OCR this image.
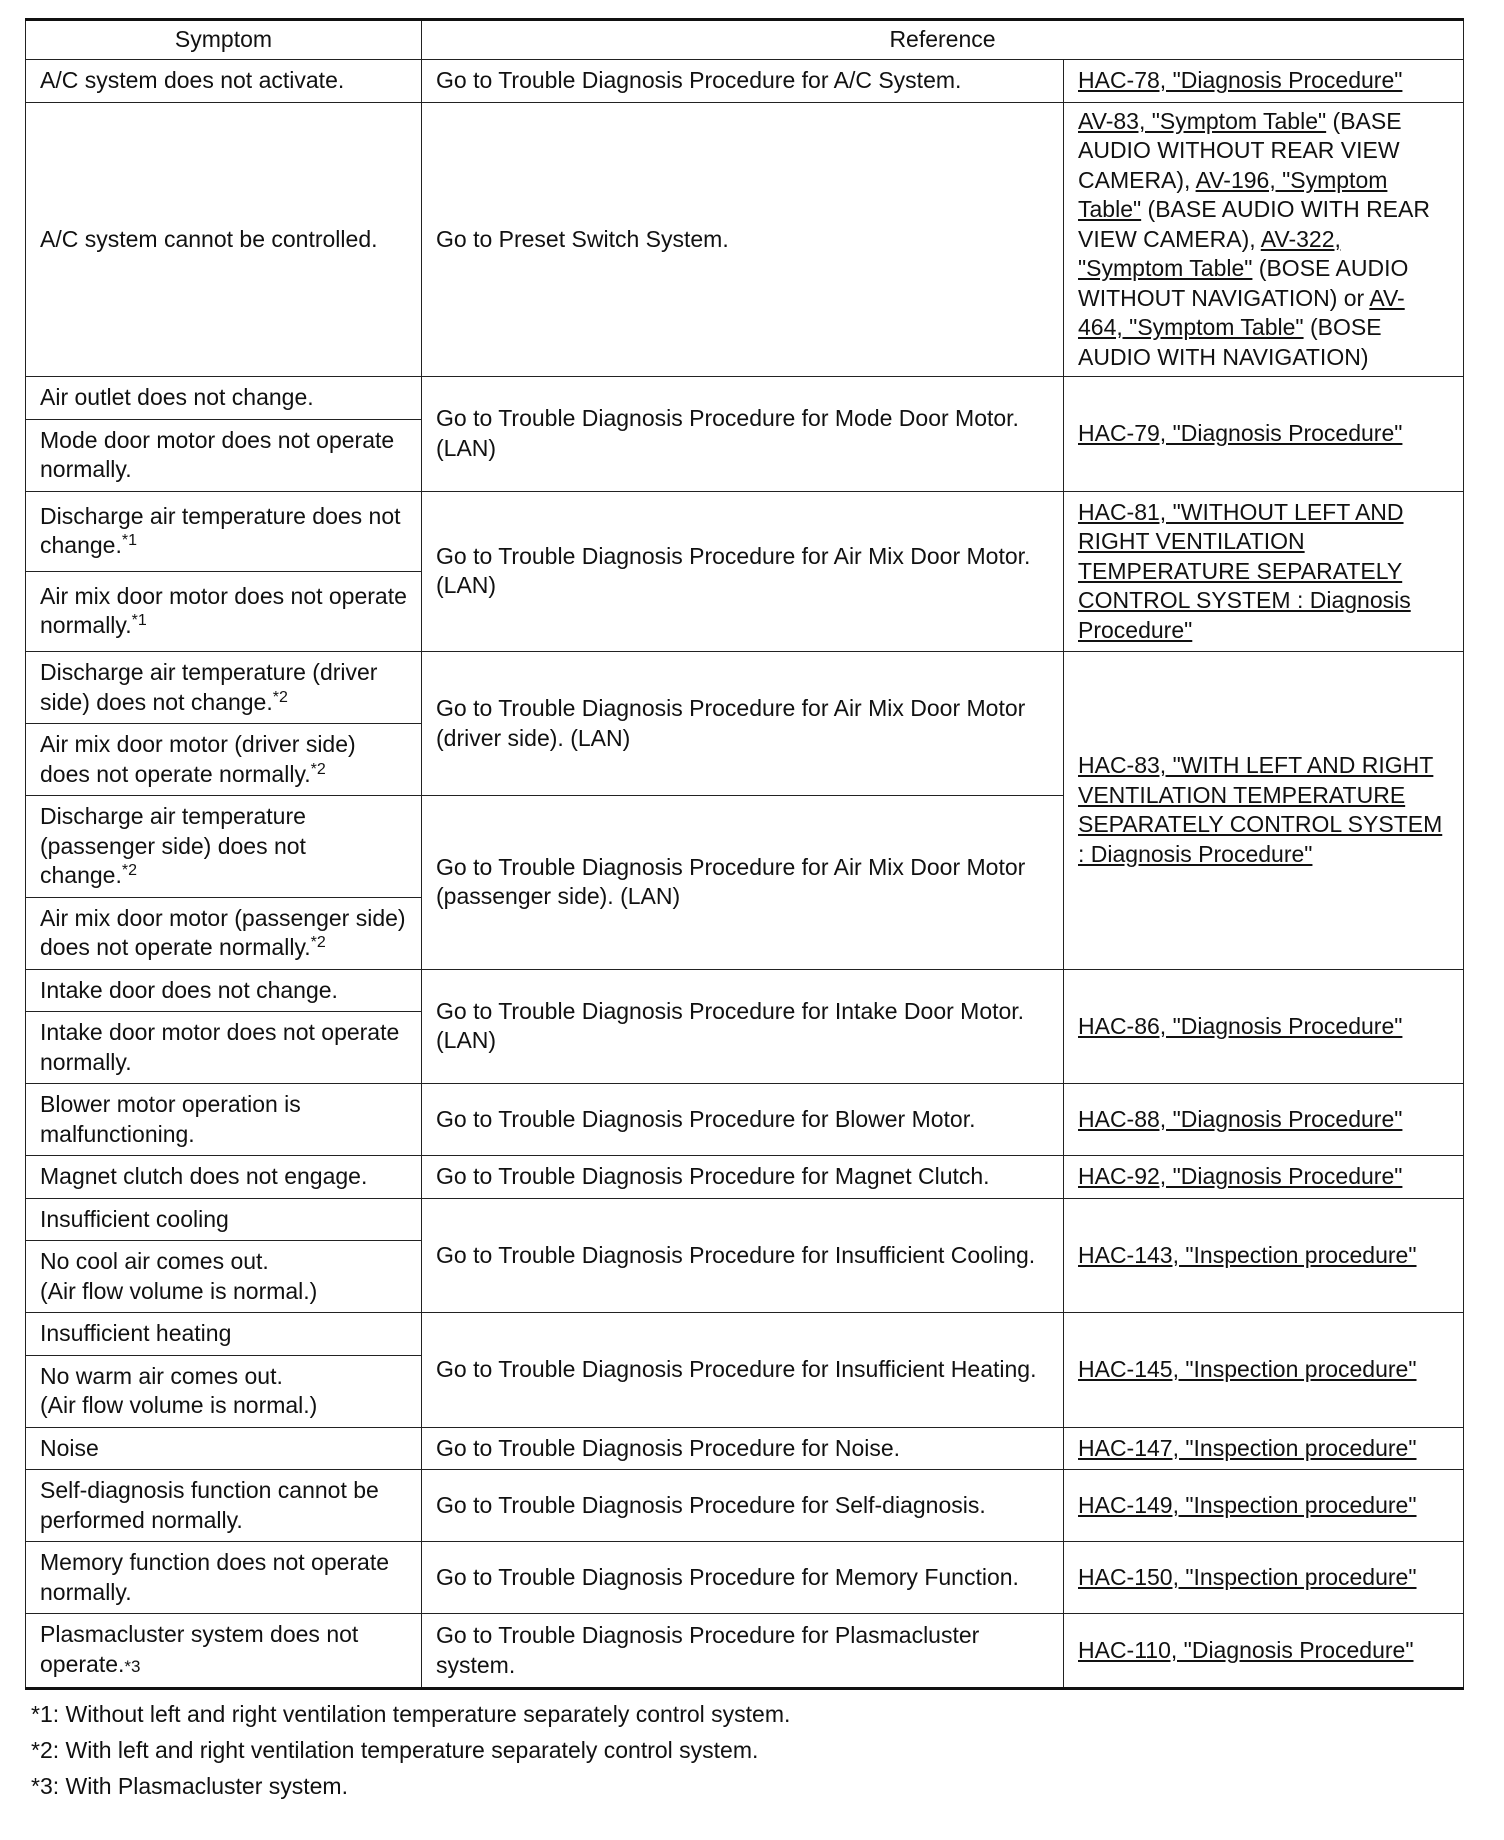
Symptom	Reference	
A/C system does not activate.	Go to Trouble Diagnosis Procedure for A/C System.	HAC-78, "Diagnosis Procedure"
A/C system cannot be controlled.	Go to Preset Switch System.	AV-83, "Symptom Table" (BASE AUDIO WITHOUT REAR VIEW CAMERA), AV-196, "Symptom Table" (BASE AUDIO WITH REAR VIEW CAMERA), AV-322, "Symptom Table" (BOSE AUDIO WITHOUT NAVIGATION) or AV-464, "Symptom Table" (BOSE AUDIO WITH NAVIGATION)
Air outlet does not change.	Go to Trouble Diagnosis Procedure for Mode Door Motor. (LAN)	HAC-79, "Diagnosis Procedure"
Mode door motor does not operate normally.		
Discharge air temperature does not change.$^{*1}$	Go to Trouble Diagnosis Procedure for Air Mix Door Motor. (LAN)	HAC-81, "WITHOUT LEFT AND RIGHT VENTILATION TEMPERATURE SEPARATELY CONTROL SYSTEM : Diagnosis Procedure"
Air mix door motor does not operate normally.$^{*1}$
Discharge air temperature (driver side) does not change.$^{*2}$	Go to Trouble Diagnosis Procedure for Air Mix Door Motor (driver side). (LAN)	HAC-83, "WITH LEFT AND RIGHT VENTILATION TEMPERATURE SEPARATELY CONTROL SYSTEM : Diagnosis Procedure"
Air mix door motor (driver side) does not operate normally.$^{*2}$
Discharge air temperature (passenger side) does not change.$^{*2}$	Go to Trouble Diagnosis Procedure for Air Mix Door Motor (passenger side). (LAN)	
Air mix door motor (passenger side) does not operate normally.$^{*2}$
Intake door does not change.	Go to Trouble Diagnosis Procedure for Intake Door Motor. (LAN)	HAC-86, "Diagnosis Procedure"
Intake door motor does not operate normally.		
Blower motor operation is malfunctioning.	Go to Trouble Diagnosis Procedure for Blower Motor.	HAC-88, "Diagnosis Procedure"
Magnet clutch does not engage.	Go to Trouble Diagnosis Procedure for Magnet Clutch.	HAC-92, "Diagnosis Procedure"
Insufficient cooling	Go to Trouble Diagnosis Procedure for Insufficient Cooling.	HAC-143, "Inspection procedure"
No cool air comes out.
(Air flow volume is normal.)		
Insufficient heating	Go to Trouble Diagnosis Procedure for Insufficient Heating.	HAC-145, "Inspection procedure"
No warm air comes out.
(Air flow volume is normal.)		
Noise	Go to Trouble Diagnosis Procedure for Noise.	HAC-147, "Inspection procedure"
Self-diagnosis function cannot be performed normally.	Go to Trouble Diagnosis Procedure for Self-diagnosis.	HAC-149, "Inspection procedure"
Memory function does not operate normally.	Go to Trouble Diagnosis Procedure for Memory Function.	HAC-150, "Inspection procedure"
Plasmacluster system does not operate.*3	Go to Trouble Diagnosis Procedure for Plasmacluster system.	HAC-110, "Diagnosis Procedure"
*1: Without left and right ventilation temperature separately control system.
*2: With left and right ventilation temperature separately control system.
*3: With Plasmacluster system.
